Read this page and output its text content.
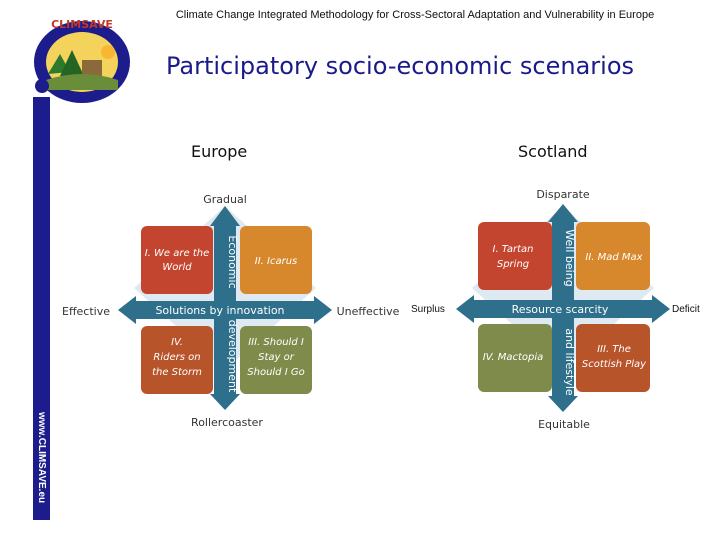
Climate Change Integrated Methodology for Cross-Sectoral Adaptation and Vulnerability in Europe
Participatory socio-economic scenarios
www.CLIMSAVE.eu
CLIMSAVE
Europe	Scotland
Solutions by innovation
Economic
development
I. We are the
World
II. Icarus
IV.
Riders on
the Storm
III. Should I
Stay or
Should I Go
Gradual
Rollercoaster
Effective	Uneffective	Resource scarcity
Well being
and lifestyle
I. Tartan
Spring
II. Mad Max
IV. Mactopia
III. The
Scottish Play
Disparate
Equitable
Surplus	Deficit
